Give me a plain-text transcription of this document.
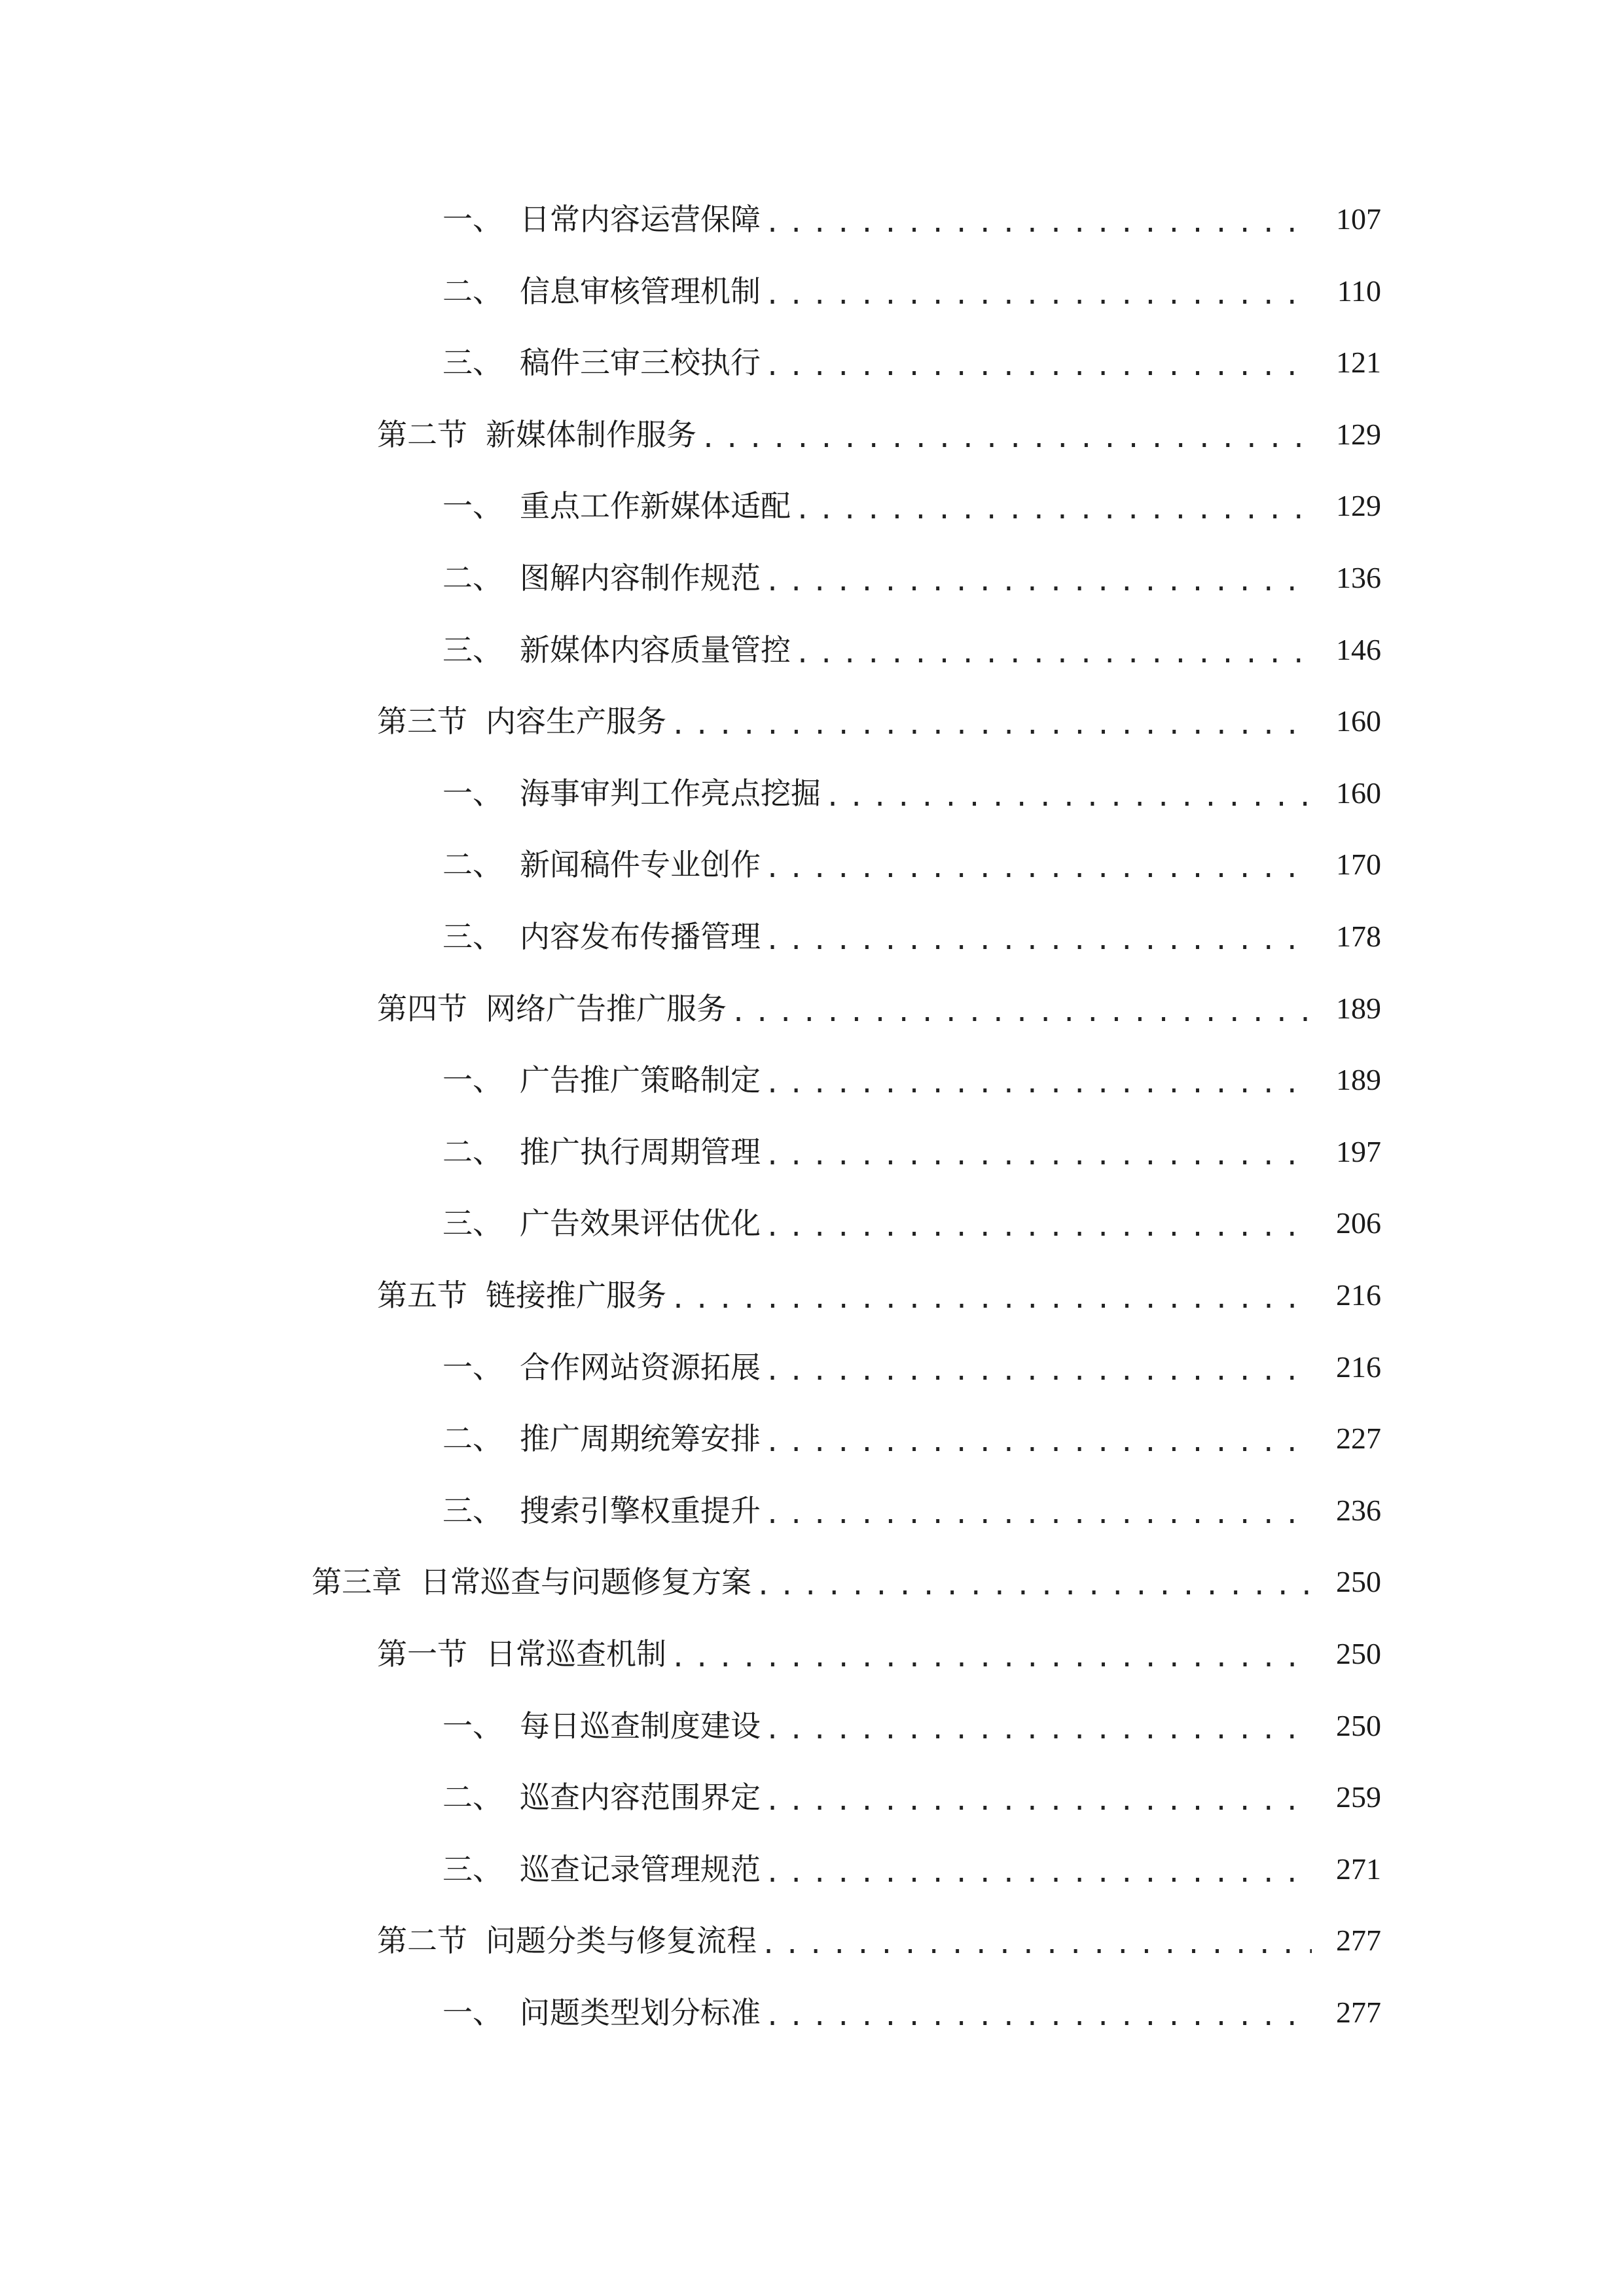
一、 日常内容运营保障 .....	107
二、 信息审核管理机制 .....	110
三、 稿件三审三校执行 .....	121
第二节 新媒体制作服务 .....	129
一、 重点工作新媒体适配 .....	129
二、 图解内容制作规范 .....	136
三、 新媒体内容质量管控 .....	146
第三节 内容生产服务 .....	160
一、 海事审判工作亮点挖掘 .....	160
二、 新闻稿件专业创作 .....	170
三、 内容发布传播管理 .....	178
第四节 网络广告推广服务 .....	189
一、 广告推广策略制定 .....	189
二、 推广执行周期管理 .....	197
三、 广告效果评估优化 .....	206
第五节 链接推广服务 .....	216
一、 合作网站资源拓展 .....	216
二、 推广周期统筹安排 .....	227
三、 搜索引擎权重提升 .....	236
第三章 日常巡查与问题修复方案 .....	250
第一节 日常巡查机制 .....	250
一、 每日巡查制度建设 .....	250
二、 巡查内容范围界定 .....	259
三、 巡查记录管理规范 .....	271
第二节 问题分类与修复流程 .....	277
一、 问题类型划分标准 .....	277
